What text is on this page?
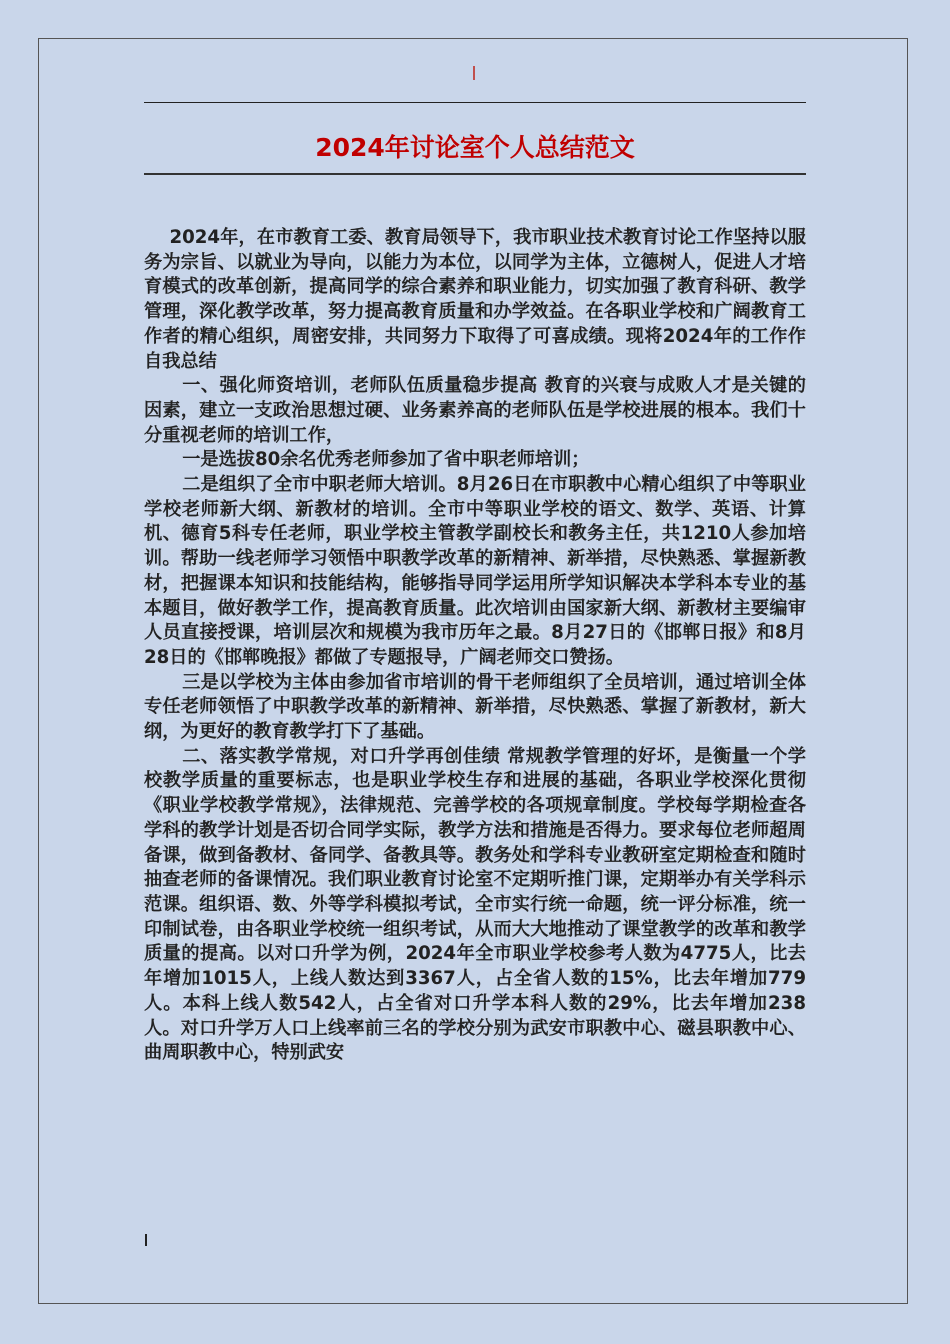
2024年讨论室个人总结范文

2024年，在市教育工委、教育局领导下，我市职业技术教育讨论工作坚持以服务为宗旨、以就业为导向，以能力为本位，以同学为主体，立德树人，促进人才培育模式的改革创新，提高同学的综合素养和职业能力，切实加强了教育科研、教学管理，深化教学改革，努力提高教育质量和办学效益。在各职业学校和广阔教育工作者的精心组织，周密安排，共同努力下取得了可喜成绩。现将2024年的工作作自我总结

一、强化师资培训，老师队伍质量稳步提高 教育的兴衰与成败人才是关键的因素，建立一支政治思想过硬、业务素养高的老师队伍是学校进展的根本。我们十分重视老师的培训工作，

一是选拔80余名优秀老师参加了省中职老师培训；

二是组织了全市中职老师大培训。8月26日在市职教中心精心组织了中等职业学校老师新大纲、新教材的培训。全市中等职业学校的语文、数学、英语、计算机、德育5科专任老师，职业学校主管教学副校长和教务主任，共1210人参加培训。帮助一线老师学习领悟中职教学改革的新精神、新举措，尽快熟悉、掌握新教材，把握课本知识和技能结构，能够指导同学运用所学知识解决本学科本专业的基本题目，做好教学工作，提高教育质量。此次培训由国家新大纲、新教材主要编审人员直接授课，培训层次和规模为我市历年之最。8月27日的《邯郸日报》和8月28日的《邯郸晚报》都做了专题报导，广阔老师交口赞扬。

三是以学校为主体由参加省市培训的骨干老师组织了全员培训，通过培训全体专任老师领悟了中职教学改革的新精神、新举措，尽快熟悉、掌握了新教材，新大纲，为更好的教育教学打下了基础。

二、落实教学常规，对口升学再创佳绩 常规教学管理的好坏，是衡量一个学校教学质量的重要标志，也是职业学校生存和进展的基础，各职业学校深化贯彻《职业学校教学常规》，法律规范、完善学校的各项规章制度。学校每学期检查各学科的教学计划是否切合同学实际，教学方法和措施是否得力。要求每位老师超周备课，做到备教材、备同学、备教具等。教务处和学科专业教研室定期检查和随时抽查老师的备课情况。我们职业教育讨论室不定期听推门课，定期举办有关学科示范课。组织语、数、外等学科模拟考试，全市实行统一命题，统一评分标准，统一印制试卷，由各职业学校统一组织考试，从而大大地推动了课堂教学的改革和教学质量的提高。以对口升学为例，2024年全市职业学校参考人数为4775人，比去年增加1015人，上线人数达到3367人，占全省人数的15%，比去年增加779人。本科上线人数542人，占全省对口升学本科人数的29%，比去年增加238人。对口升学万人口上线率前三名的学校分别为武安市职教中心、磁县职教中心、曲周职教中心，特别武安
